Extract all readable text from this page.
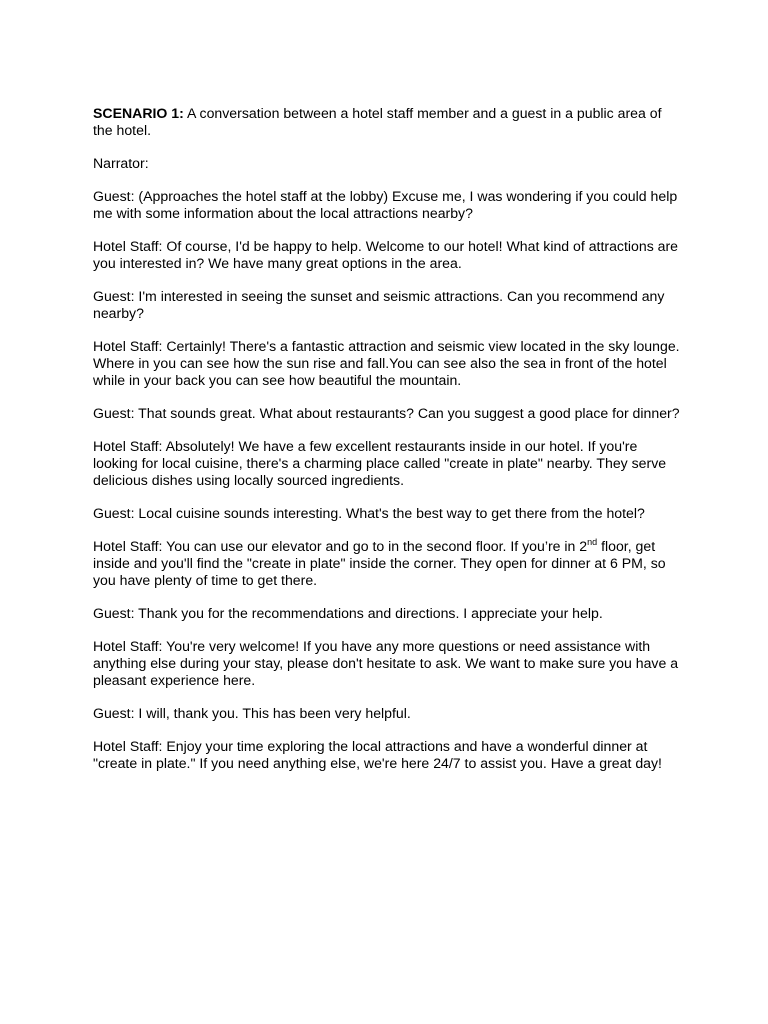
SCENARIO 1: A conversation between a hotel staff member and a guest in a public area of the hotel.

Narrator:

Guest: (Approaches the hotel staff at the lobby) Excuse me, I was wondering if you could help me with some information about the local attractions nearby?

Hotel Staff: Of course, I'd be happy to help. Welcome to our hotel! What kind of attractions are you interested in? We have many great options in the area.

Guest: I'm interested in seeing the sunset and seismic attractions. Can you recommend any nearby?

Hotel Staff: Certainly! There's a fantastic attraction and seismic view located in the sky lounge. Where in you can see how the sun rise and fall.You can see also the sea in front of the hotel while in your back you can see how beautiful the mountain.

Guest: That sounds great. What about restaurants? Can you suggest a good place for dinner?

Hotel Staff: Absolutely! We have a few excellent restaurants inside in our hotel. If you're looking for local cuisine, there's a charming place called "create in plate" nearby. They serve delicious dishes using locally sourced ingredients.

Guest: Local cuisine sounds interesting. What's the best way to get there from the hotel?

Hotel Staff: You can use our elevator and go to in the second floor. If you’re in 2nd floor, get inside and you'll find the "create in plate" inside the corner. They open for dinner at 6 PM, so you have plenty of time to get there.

Guest: Thank you for the recommendations and directions. I appreciate your help.

Hotel Staff: You're very welcome! If you have any more questions or need assistance with anything else during your stay, please don't hesitate to ask. We want to make sure you have a pleasant experience here.

Guest: I will, thank you. This has been very helpful.

Hotel Staff: Enjoy your time exploring the local attractions and have a wonderful dinner at "create in plate." If you need anything else, we're here 24/7 to assist you. Have a great day!
